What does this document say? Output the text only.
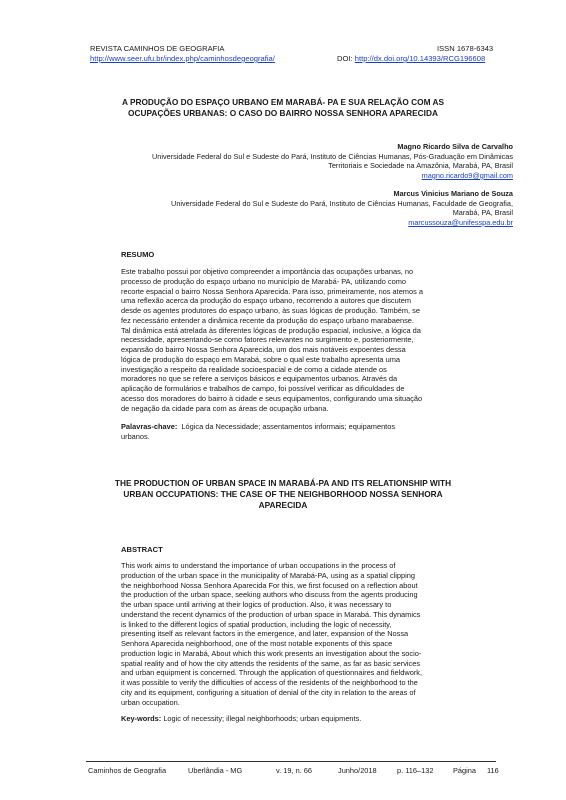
REVISTA CAMINHOS DE GEOGRAFIA
http://www.seer.ufu.br/index.php/caminhosdegeografia/
ISSN 1678-6343
DOI: http://dx.doi.org/10.14393/RCG196608
A PRODUÇÃO DO ESPAÇO URBANO EM MARABÁ- PA E SUA RELAÇÃO COM AS
OCUPAÇÕES URBANAS: O CASO DO BAIRRO NOSSA SENHORA APARECIDA
Magno Ricardo Silva de Carvalho
Universidade Federal do Sul e Sudeste do Pará, Instituto de Ciências Humanas, Pós-Graduação em Dinâmicas
Territoriais e Sociedade na Amazônia, Marabá, PA, Brasil
magno.ricardo9@gmail.com
Marcus Vinicius Mariano de Souza
Universidade Federal do Sul e Sudeste do Pará, Instituto de Ciências Humanas, Faculdade de Geografia,
Marabá, PA, Brasil
marcussouza@unifesspa.edu.br
RESUMO
Este trabalho possui por objetivo compreender a importância das ocupações urbanas, no
processo de produção do espaço urbano no município de Marabá- PA, utilizando como
recorte espacial o bairro Nossa Senhora Aparecida. Para isso, primeiramente, nos atemos a
uma reflexão acerca da produção do espaço urbano, recorrendo a autores que discutem
desde os agentes produtores do espaço urbano, às suas lógicas de produção. Também, se
fez necessário entender a dinâmica recente da produção do espaço urbano marabaense.
Tal dinâmica está atrelada às diferentes lógicas de produção espacial, inclusive, a lógica da
necessidade, apresentando-se como fatores relevantes no surgimento e, posteriormente,
expansão do bairro Nossa Senhora Aparecida, um dos mais notáveis expoentes dessa
lógica de produção do espaço em Marabá, sobre o qual este trabalho apresenta uma
investigação a respeito da realidade socioespacial e de como a cidade atende os
moradores no que se refere a serviços básicos e equipamentos urbanos. Através da
aplicação de formulários e trabalhos de campo, foi possível verificar as dificuldades de
acesso dos moradores do bairro à cidade e seus equipamentos, configurando uma situação
de negação da cidade para com as áreas de ocupação urbana.
Palavras-chave: Lógica da Necessidade; assentamentos informais; equipamentos
urbanos.
THE PRODUCTION OF URBAN SPACE IN MARABÁ-PA AND ITS RELATIONSHIP WITH
URBAN OCCUPATIONS: THE CASE OF THE NEIGHBORHOOD NOSSA SENHORA
APARECIDA
ABSTRACT
This work aims to understand the importance of urban occupations in the process of
production of the urban space in the municipality of Marabá-PA, using as a spatial clipping
the neighborhood Nossa Senhora Aparecida For this, we first focused on a reflection about
the production of the urban space, seeking authors who discuss from the agents producing
the urban space until arriving at their logics of production. Also, it was necessary to
understand the recent dynamics of the production of urban space in Marabá. This dynamics
is linked to the different logics of spatial production, including the logic of necessity,
presenting itself as relevant factors in the emergence, and later, expansion of the Nossa
Senhora Aparecida neighborhood, one of the most notable exponents of this space
production logic in Marabá, About which this work presents an investigation about the socio-
spatial reality and of how the city attends the residents of the same, as far as basic services
and urban equipment is concerned. Through the application of questionnaires and fieldwork,
it was possible to verify the difficulties of access of the residents of the neighborhood to the
city and its equipment, configuring a situation of denial of the city in relation to the areas of
urban occupation.
Key-words: Logic of necessity; illegal neighborhoods; urban equipments.
Caminhos de Geografia	Uberlândia - MG	v. 19, n. 66	Junho/2018	p. 116–132	Página 116
